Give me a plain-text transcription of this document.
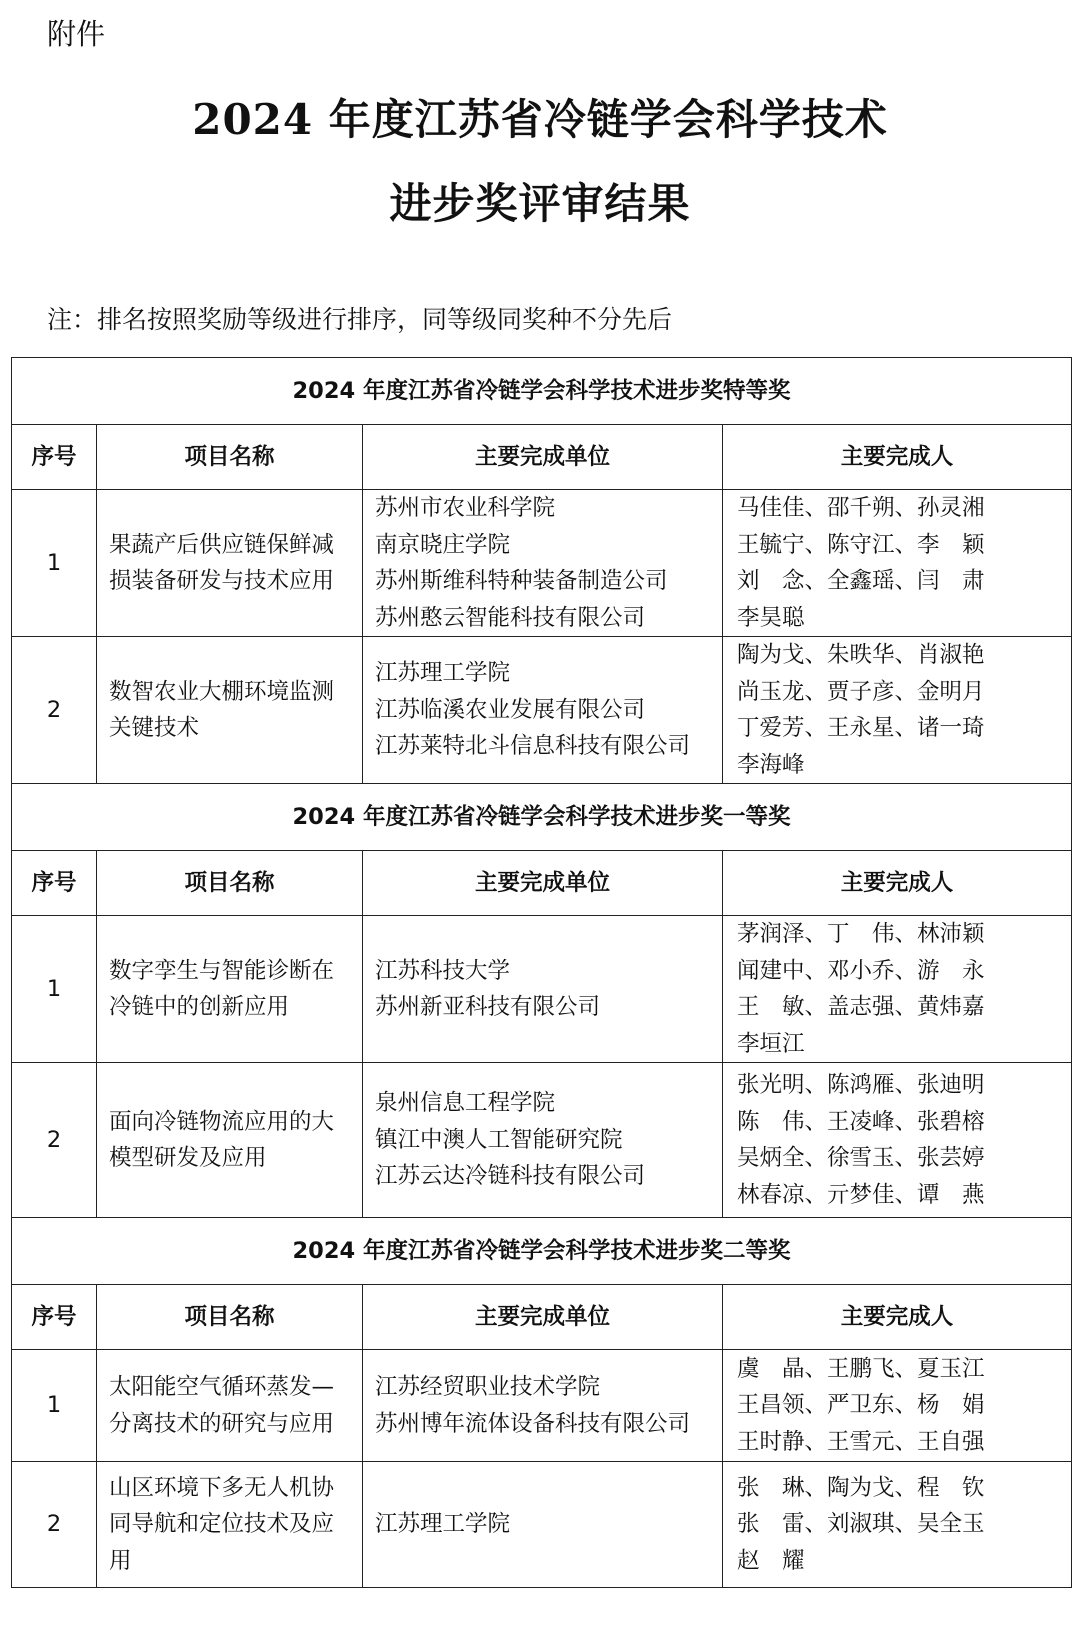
附件
2024 年度江苏省冷链学会科学技术
进步奖评审结果
注：排名按照奖励等级进行排序，同等级同奖种不分先后
2024 年度江苏省冷链学会科学技术进步奖特等奖			
序号	项目名称	主要完成单位	主要完成人
1	果蔬产后供应链保鲜减损装备研发与技术应用	苏州市农业科学院
南京晓庄学院
苏州斯维科特种装备制造公司
苏州憨云智能科技有限公司	马佳佳、邵千朔、孙灵湘
王毓宁、陈守江、李　颖
刘　念、全鑫瑶、闫　肃
李昊聪

2	数智农业大棚环境监测关键技术	江苏理工学院
江苏临溪农业发展有限公司
江苏莱特北斗信息科技有限公司	陶为戈、朱昳华、肖淑艳
尚玉龙、贾子彦、金明月
丁爱芳、王永星、诸一琦
李海峰

2024 年度江苏省冷链学会科学技术进步奖一等奖			
序号	项目名称	主要完成单位	主要完成人
1	数字孪生与智能诊断在冷链中的创新应用	江苏科技大学
苏州新亚科技有限公司	茅润泽、丁　伟、林沛颖
闻建中、邓小乔、游　永
王　敏、盖志强、黄炜嘉
李垣江

2	面向冷链物流应用的大模型研发及应用	泉州信息工程学院
镇江中澳人工智能研究院
江苏云达冷链科技有限公司	张光明、陈鸿雁、张迪明
陈　伟、王凌峰、张碧榕
吴炳全、徐雪玉、张芸婷
林春凉、亓梦佳、谭　燕

2024 年度江苏省冷链学会科学技术进步奖二等奖			
序号	项目名称	主要完成单位	主要完成人
1	太阳能空气循环蒸发—分离技术的研究与应用	江苏经贸职业技术学院
苏州博年流体设备科技有限公司	虞　晶、王鹏飞、夏玉江
王昌领、严卫东、杨　娟
王时静、王雪元、王自强

2	山区环境下多无人机协同导航和定位技术及应用	江苏理工学院	张　琳、陶为戈、程　钦
张　雷、刘淑琪、吴全玉
赵　耀
